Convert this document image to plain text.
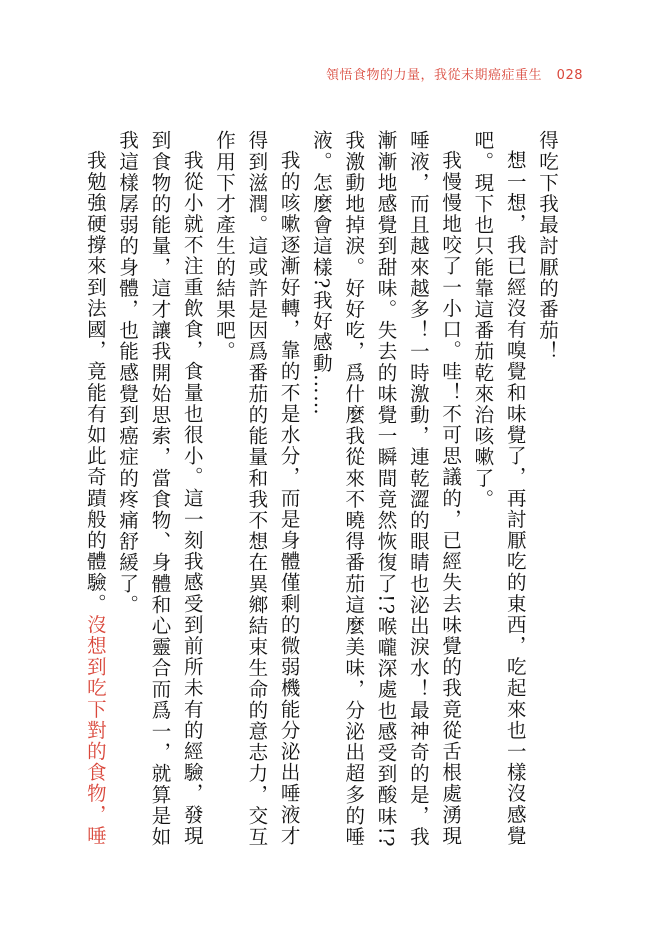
領悟食物的力量，我從末期癌症重生 028

得吃下我最討厭的番茄！

想一想，我已經沒有嗅覺和味覺了，再討厭吃的東西，吃起來也一樣沒感覺吧。現下也只能靠這番茄乾來治咳嗽了。

我慢慢地咬了一小口。哇！不可思議的，已經失去味覺的我竟從舌根處湧現唾液，而且越來越多！一時激動，連乾澀的眼睛也泌出淚水！最神奇的是，我漸漸地感覺到甜味。失去的味覺一瞬間竟然恢復了!?喉嚨深處也感受到酸味!?我激動地掉淚。好好吃，爲什麼我從來不曉得番茄這麼美味，分泌出超多的唾液。怎麼會這樣?我好感動……

我的咳嗽逐漸好轉，靠的不是水分，而是身體僅剩的微弱機能分泌出唾液才得到滋潤。這或許是因爲番茄的能量和我不想在異鄉結束生命的意志力，交互作用下才產生的結果吧。

我從小就不注重飲食，食量也很小。這一刻我感受到前所未有的經驗，發現到食物的能量，這才讓我開始思索，當食物、身體和心靈合而爲一，就算是如我這樣孱弱的身體，也能感覺到癌症的疼痛舒緩了。

我勉強硬撐來到法國，竟能有如此奇蹟般的體驗。沒想到吃下對的食物，唾
